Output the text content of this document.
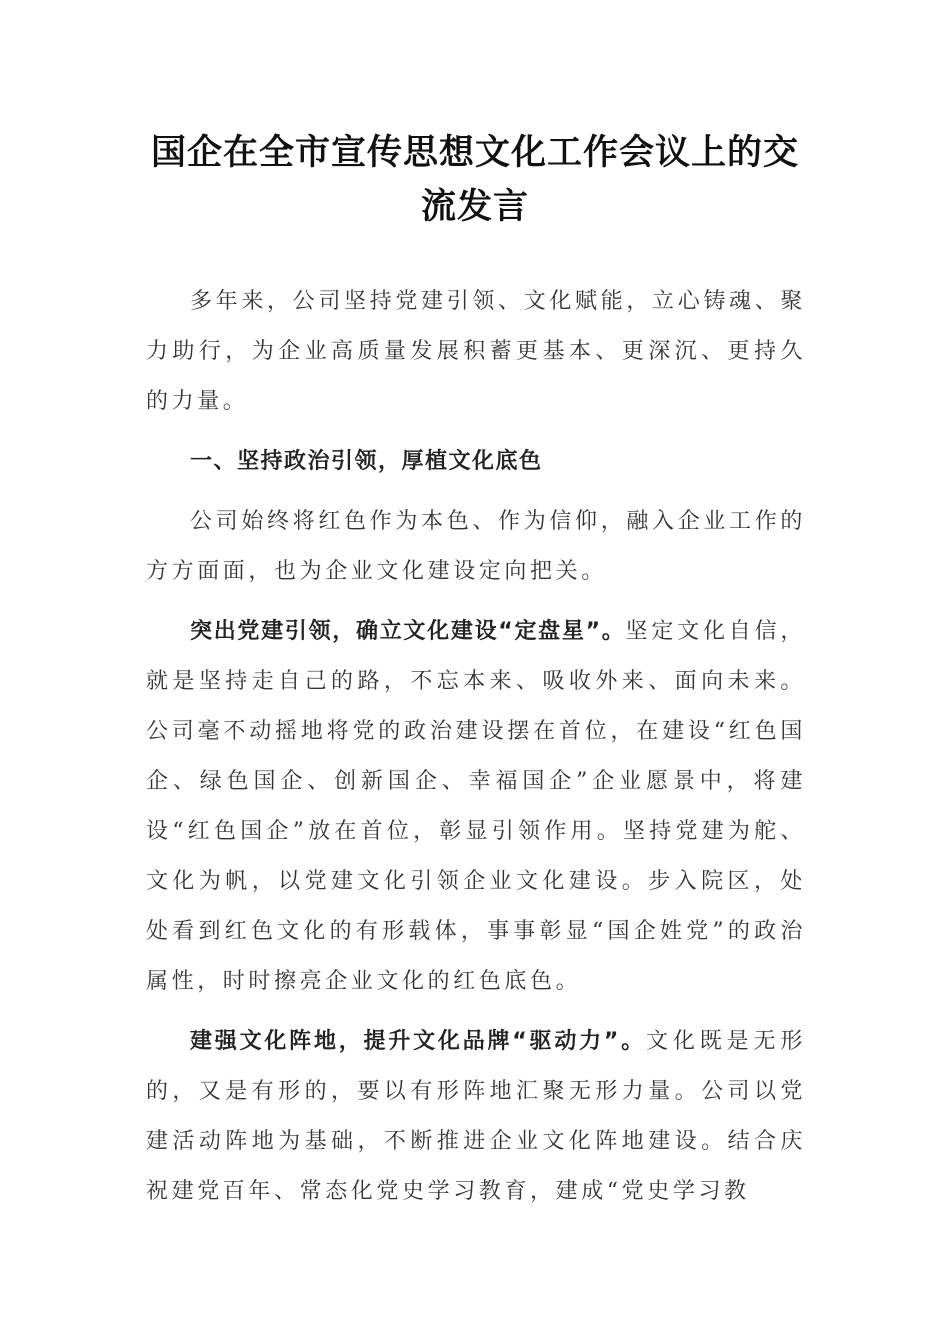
国企在全市宣传思想文化工作会议上的交流发言

多年来，公司坚持党建引领、文化赋能，立心铸魂、聚力助行，为企业高质量发展积蓄更基本、更深沉、更持久的力量。

一、坚持政治引领，厚植文化底色

公司始终将红色作为本色、作为信仰，融入企业工作的方方面面，也为企业文化建设定向把关。

突出党建引领，确立文化建设“定盘星”。坚定文化自信，就是坚持走自己的路，不忘本来、吸收外来、面向未来。公司毫不动摇地将党的政治建设摆在首位，在建设“红色国企、绿色国企、创新国企、幸福国企”企业愿景中，将建设“红色国企”放在首位，彰显引领作用。坚持党建为舵、文化为帆，以党建文化引领企业文化建设。步入院区，处处看到红色文化的有形载体，事事彰显“国企姓党”的政治属性，时时擦亮企业文化的红色底色。

建强文化阵地，提升文化品牌“驱动力”。文化既是无形的，又是有形的，要以有形阵地汇聚无形力量。公司以党建活动阵地为基础，不断推进企业文化阵地建设。结合庆祝建党百年、常态化党史学习教育，建成“党史学习教
